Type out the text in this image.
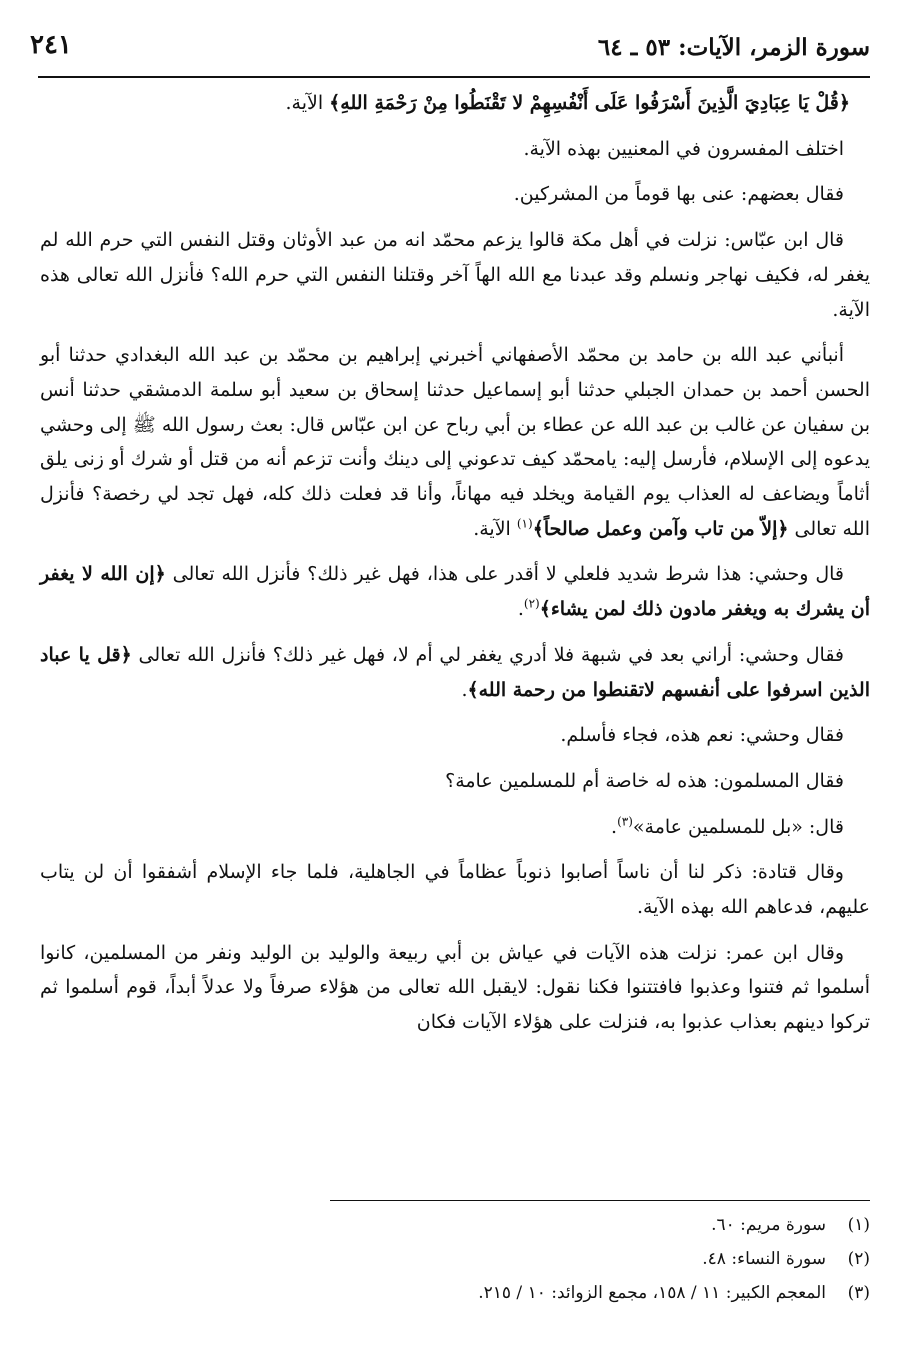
سورة الزمر، الآيات: ٥٣ ـ ٦٤
٢٤١

﴿قُلْ يَا عِبَادِيَ الَّذِينَ أَسْرَفُوا عَلَى أَنْفُسِهِمْ لا تَقْنَطُوا مِنْ رَحْمَةِ اللهِ﴾ الآية.

اختلف المفسرون في المعنيين بهذه الآية.

فقال بعضهم: عنى بها قوماً من المشركين.

قال ابن عبّاس: نزلت في أهل مكة قالوا يزعم محمّد انه من عبد الأوثان وقتل النفس التي حرم الله لم يغفر له، فكيف نهاجر ونسلم وقد عبدنا مع الله الهاً آخر وقتلنا النفس التي حرم الله؟ فأنزل الله تعالى هذه الآية.

أنبأني عبد الله بن حامد بن محمّد الأصفهاني أخبرني إبراهيم بن محمّد بن عبد الله البغدادي حدثنا أبو الحسن أحمد بن حمدان الجبلي حدثنا أبو إسماعيل حدثنا إسحاق بن سعيد أبو سلمة الدمشقي حدثنا أنس بن سفيان عن غالب بن عبد الله عن عطاء بن أبي رباح عن ابن عبّاس قال: بعث رسول الله ﷺ إلى وحشي يدعوه إلى الإسلام، فأرسل إليه: يامحمّد كيف تدعوني إلى دينك وأنت تزعم أنه من قتل أو شرك أو زنى يلق أثاماً ويضاعف له العذاب يوم القيامة ويخلد فيه مهاناً، وأنا قد فعلت ذلك كله، فهل تجد لي رخصة؟ فأنزل الله تعالى ﴿إلاّ من تاب وآمن وعمل صالحاً﴾$^{(١)}$ الآية.

قال وحشي: هذا شرط شديد فلعلي لا أقدر على هذا، فهل غير ذلك؟ فأنزل الله تعالى ﴿إن الله لا يغفر أن يشرك به ويغفر مادون ذلك لمن يشاء﴾$^{(٢)}$.

فقال وحشي: أراني بعد في شبهة فلا أدري يغفر لي أم لا، فهل غير ذلك؟ فأنزل الله تعالى ﴿قل يا عباد الذين اسرفوا على أنفسهم لاتقنطوا من رحمة الله﴾.

فقال وحشي: نعم هذه، فجاء فأسلم.

فقال المسلمون: هذه له خاصة أم للمسلمين عامة؟

قال: «بل للمسلمين عامة»$^{(٣)}$.

وقال قتادة: ذكر لنا أن ناساً أصابوا ذنوباً عظاماً في الجاهلية، فلما جاء الإسلام أشفقوا أن لن يتاب عليهم، فدعاهم الله بهذه الآية.

وقال ابن عمر: نزلت هذه الآيات في عياش بن أبي ربيعة والوليد بن الوليد ونفر من المسلمين، كانوا أسلموا ثم فتنوا وعذبوا فافتتنوا فكنا نقول: لايقبل الله تعالى من هؤلاء صرفاً ولا عدلاً أبداً، قوم أسلموا ثم تركوا دينهم بعذاب عذبوا به، فنزلت على هؤلاء الآيات فكان

(١)سورة مريم: ٦٠.
(٢)سورة النساء: ٤٨.
(٣)المعجم الكبير: ١١ / ١٥٨، مجمع الزوائد: ١٠ / ٢١٥.
